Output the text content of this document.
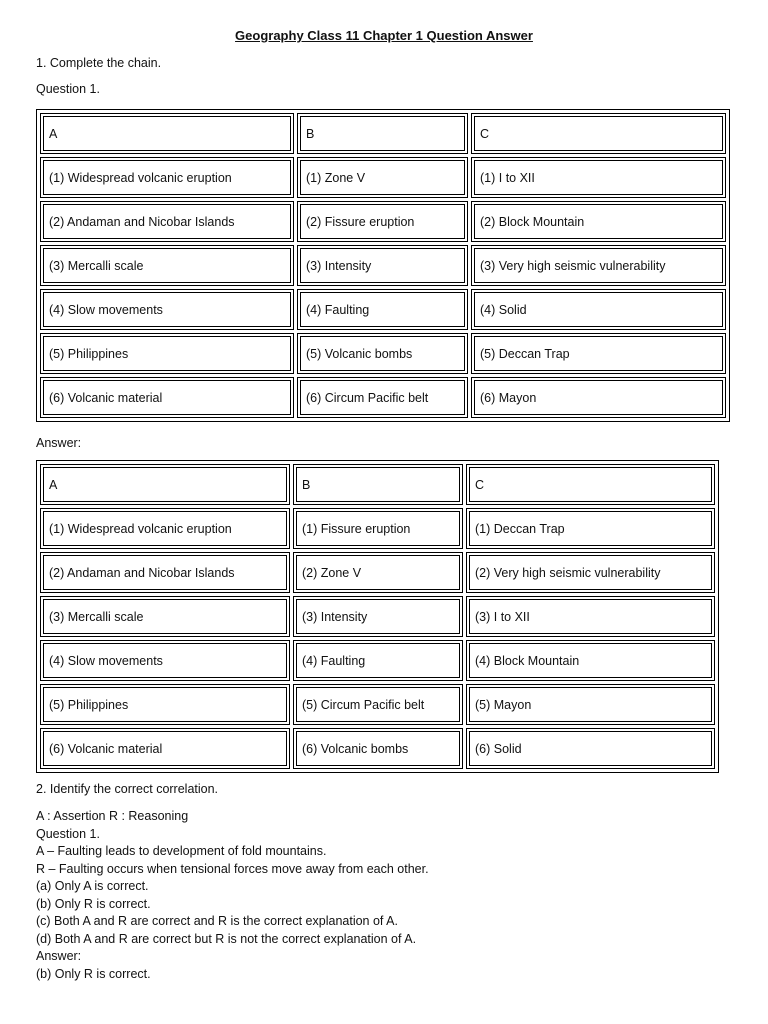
Geography Class 11 Chapter 1 Question Answer
1. Complete the chain.
Question 1.
A	B	C
(1) Widespread volcanic eruption	(1) Zone V	(1) I to XII
(2) Andaman and Nicobar Islands	(2) Fissure eruption	(2) Block Mountain
(3) Mercalli scale	(3) Intensity	(3) Very high seismic vulnerability
(4) Slow movements	(4) Faulting	(4) Solid
(5) Philippines	(5) Volcanic bombs	(5) Deccan Trap
(6) Volcanic material	(6) Circum Pacific belt	(6) Mayon
Answer:
A	B	C
(1) Widespread volcanic eruption	(1) Fissure eruption	(1) Deccan Trap
(2) Andaman and Nicobar Islands	(2) Zone V	(2) Very high seismic vulnerability
(3) Mercalli scale	(3) Intensity	(3) I to XII
(4) Slow movements	(4) Faulting	(4) Block Mountain
(5) Philippines	(5) Circum Pacific belt	(5) Mayon
(6) Volcanic material	(6) Volcanic bombs	(6) Solid
2. Identify the correct correlation.
A : Assertion R : Reasoning
Question 1.
A – Faulting leads to development of fold mountains.
R – Faulting occurs when tensional forces move away from each other.
(a) Only A is correct.
(b) Only R is correct.
(c) Both A and R are correct and R is the correct explanation of A.
(d) Both A and R are correct but R is not the correct explanation of A.
Answer:
(b) Only R is correct.
